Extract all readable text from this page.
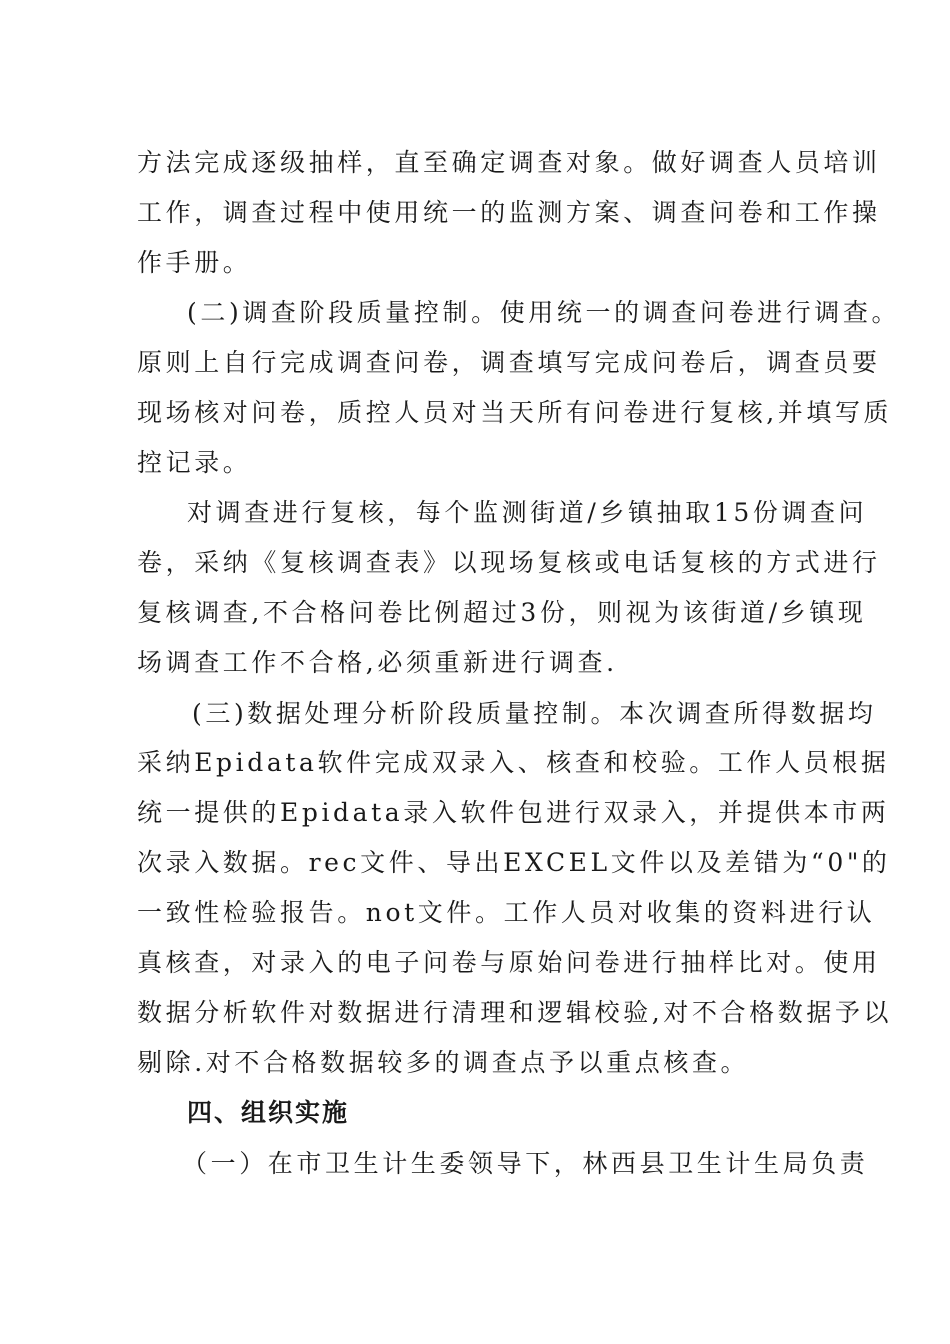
方法完成逐级抽样，直至确定调查对象。做好调查人员培训
工作，调查过程中使用统一的监测方案、调查问卷和工作操
作手册。
(二)调查阶段质量控制。使用统一的调查问卷进行调查。
原则上自行完成调查问卷，调查填写完成问卷后，调查员要
现场核对问卷，质控人员对当天所有问卷进行复核,并填写质
控记录。
对调查进行复核，每个监测街道/乡镇抽取15份调查问
卷，采纳《复核调查表》以现场复核或电话复核的方式进行
复核调查,不合格问卷比例超过3份，则视为该街道/乡镇现
场调查工作不合格,必须重新进行调查.
(三)数据处理分析阶段质量控制。本次调查所得数据均
采纳Epidata软件完成双录入、核查和校验。工作人员根据
统一提供的Epidata录入软件包进行双录入，并提供本市两
次录入数据。rec文件、导出EXCEL文件以及差错为“0"的
一致性检验报告。not文件。工作人员对收集的资料进行认
真核查，对录入的电子问卷与原始问卷进行抽样比对。使用
数据分析软件对数据进行清理和逻辑校验,对不合格数据予以
剔除.对不合格数据较多的调查点予以重点核查。
四、组织实施
（一）在市卫生计生委领导下，林西县卫生计生局负责
